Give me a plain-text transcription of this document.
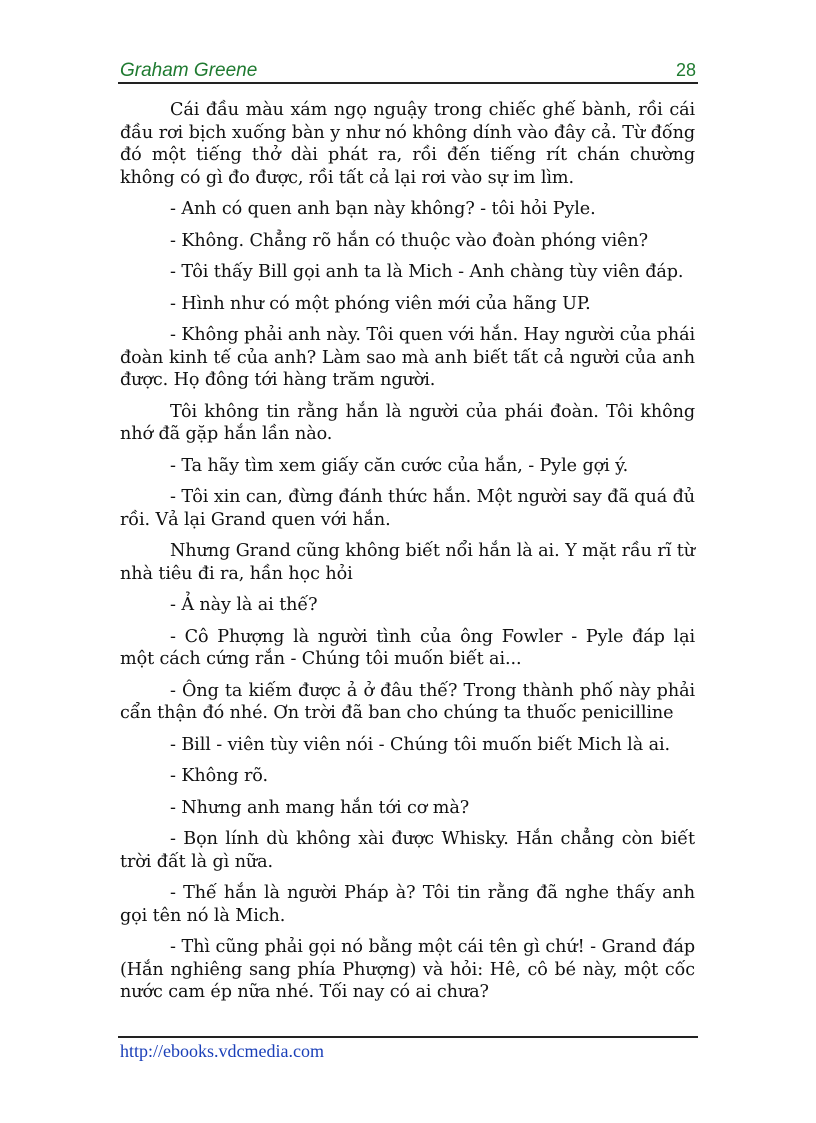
Graham Greene	28

Cái đầu màu xám ngọ nguậy trong chiếc ghế bành, rồi cái đầu rơi bịch xuống bàn y như nó không dính vào đây cả. Từ đống đó một tiếng thở dài phát ra, rồi đến tiếng rít chán chường không có gì đo được, rồi tất cả lại rơi vào sự im lìm.

- Anh có quen anh bạn này không? - tôi hỏi Pyle.

- Không. Chẳng rõ hắn có thuộc vào đoàn phóng viên?

- Tôi thấy Bill gọi anh ta là Mich - Anh chàng tùy viên đáp.

- Hình như có một phóng viên mới của hãng UP.

- Không phải anh này. Tôi quen với hắn. Hay người của phái đoàn kinh tế của anh? Làm sao mà anh biết tất cả người của anh được. Họ đông tới hàng trăm người.

Tôi không tin rằng hắn là người của phái đoàn. Tôi không nhớ đã gặp hắn lần nào.

- Ta hãy tìm xem giấy căn cước của hắn, - Pyle gợi ý.

- Tôi xin can, đừng đánh thức hắn. Một người say đã quá đủ rồi. Vả lại Grand quen với hắn.

Nhưng Grand cũng không biết nổi hắn là ai. Y mặt rầu rĩ từ nhà tiêu đi ra, hần học hỏi

- Ả này là ai thế?

- Cô Phượng là người tình của ông Fowler - Pyle đáp lại một cách cứng rắn - Chúng tôi muốn biết ai...

- Ông ta kiếm được ả ở đâu thế? Trong thành phố này phải cẩn thận đó nhé. Ơn trời đã ban cho chúng ta thuốc penicilline

- Bill - viên tùy viên nói - Chúng tôi muốn biết Mich là ai.

- Không rõ.

- Nhưng anh mang hắn tới cơ mà?

- Bọn lính dù không xài được Whisky. Hắn chẳng còn biết trời đất là gì nữa.

- Thế hắn là người Pháp à? Tôi tin rằng đã nghe thấy anh gọi tên nó là Mich.

- Thì cũng phải gọi nó bằng một cái tên gì chứ! - Grand đáp (Hắn nghiêng sang phía Phượng) và hỏi: Hê, cô bé này, một cốc nước cam ép nữa nhé. Tối nay có ai chưa?

http://ebooks.vdcmedia.com
